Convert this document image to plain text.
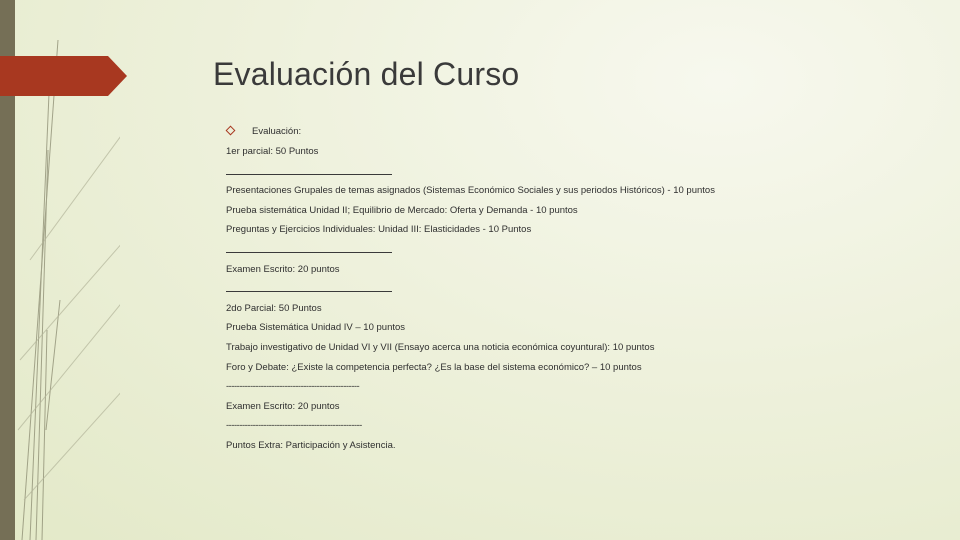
Evaluación del Curso
Evaluación:
1er parcial: 50 Puntos
Presentaciones Grupales de temas asignados (Sistemas Económico Sociales y sus periodos Históricos) - 10 puntos
Prueba sistemática Unidad II; Equilibrio de Mercado: Oferta y Demanda - 10 puntos
Preguntas y Ejercicios Individuales: Unidad III: Elasticidades - 10 Puntos
Examen Escrito: 20 puntos
2do Parcial: 50 Puntos
Prueba Sistemática Unidad IV – 10 puntos
Trabajo investigativo de Unidad VI y VII (Ensayo acerca una noticia económica coyuntural): 10 puntos
Foro y Debate: ¿Existe la competencia perfecta? ¿Es la base del sistema económico? – 10 puntos
--------------------------------------------------
Examen Escrito: 20 puntos
---------------------------------------------------
Puntos Extra: Participación y Asistencia.
